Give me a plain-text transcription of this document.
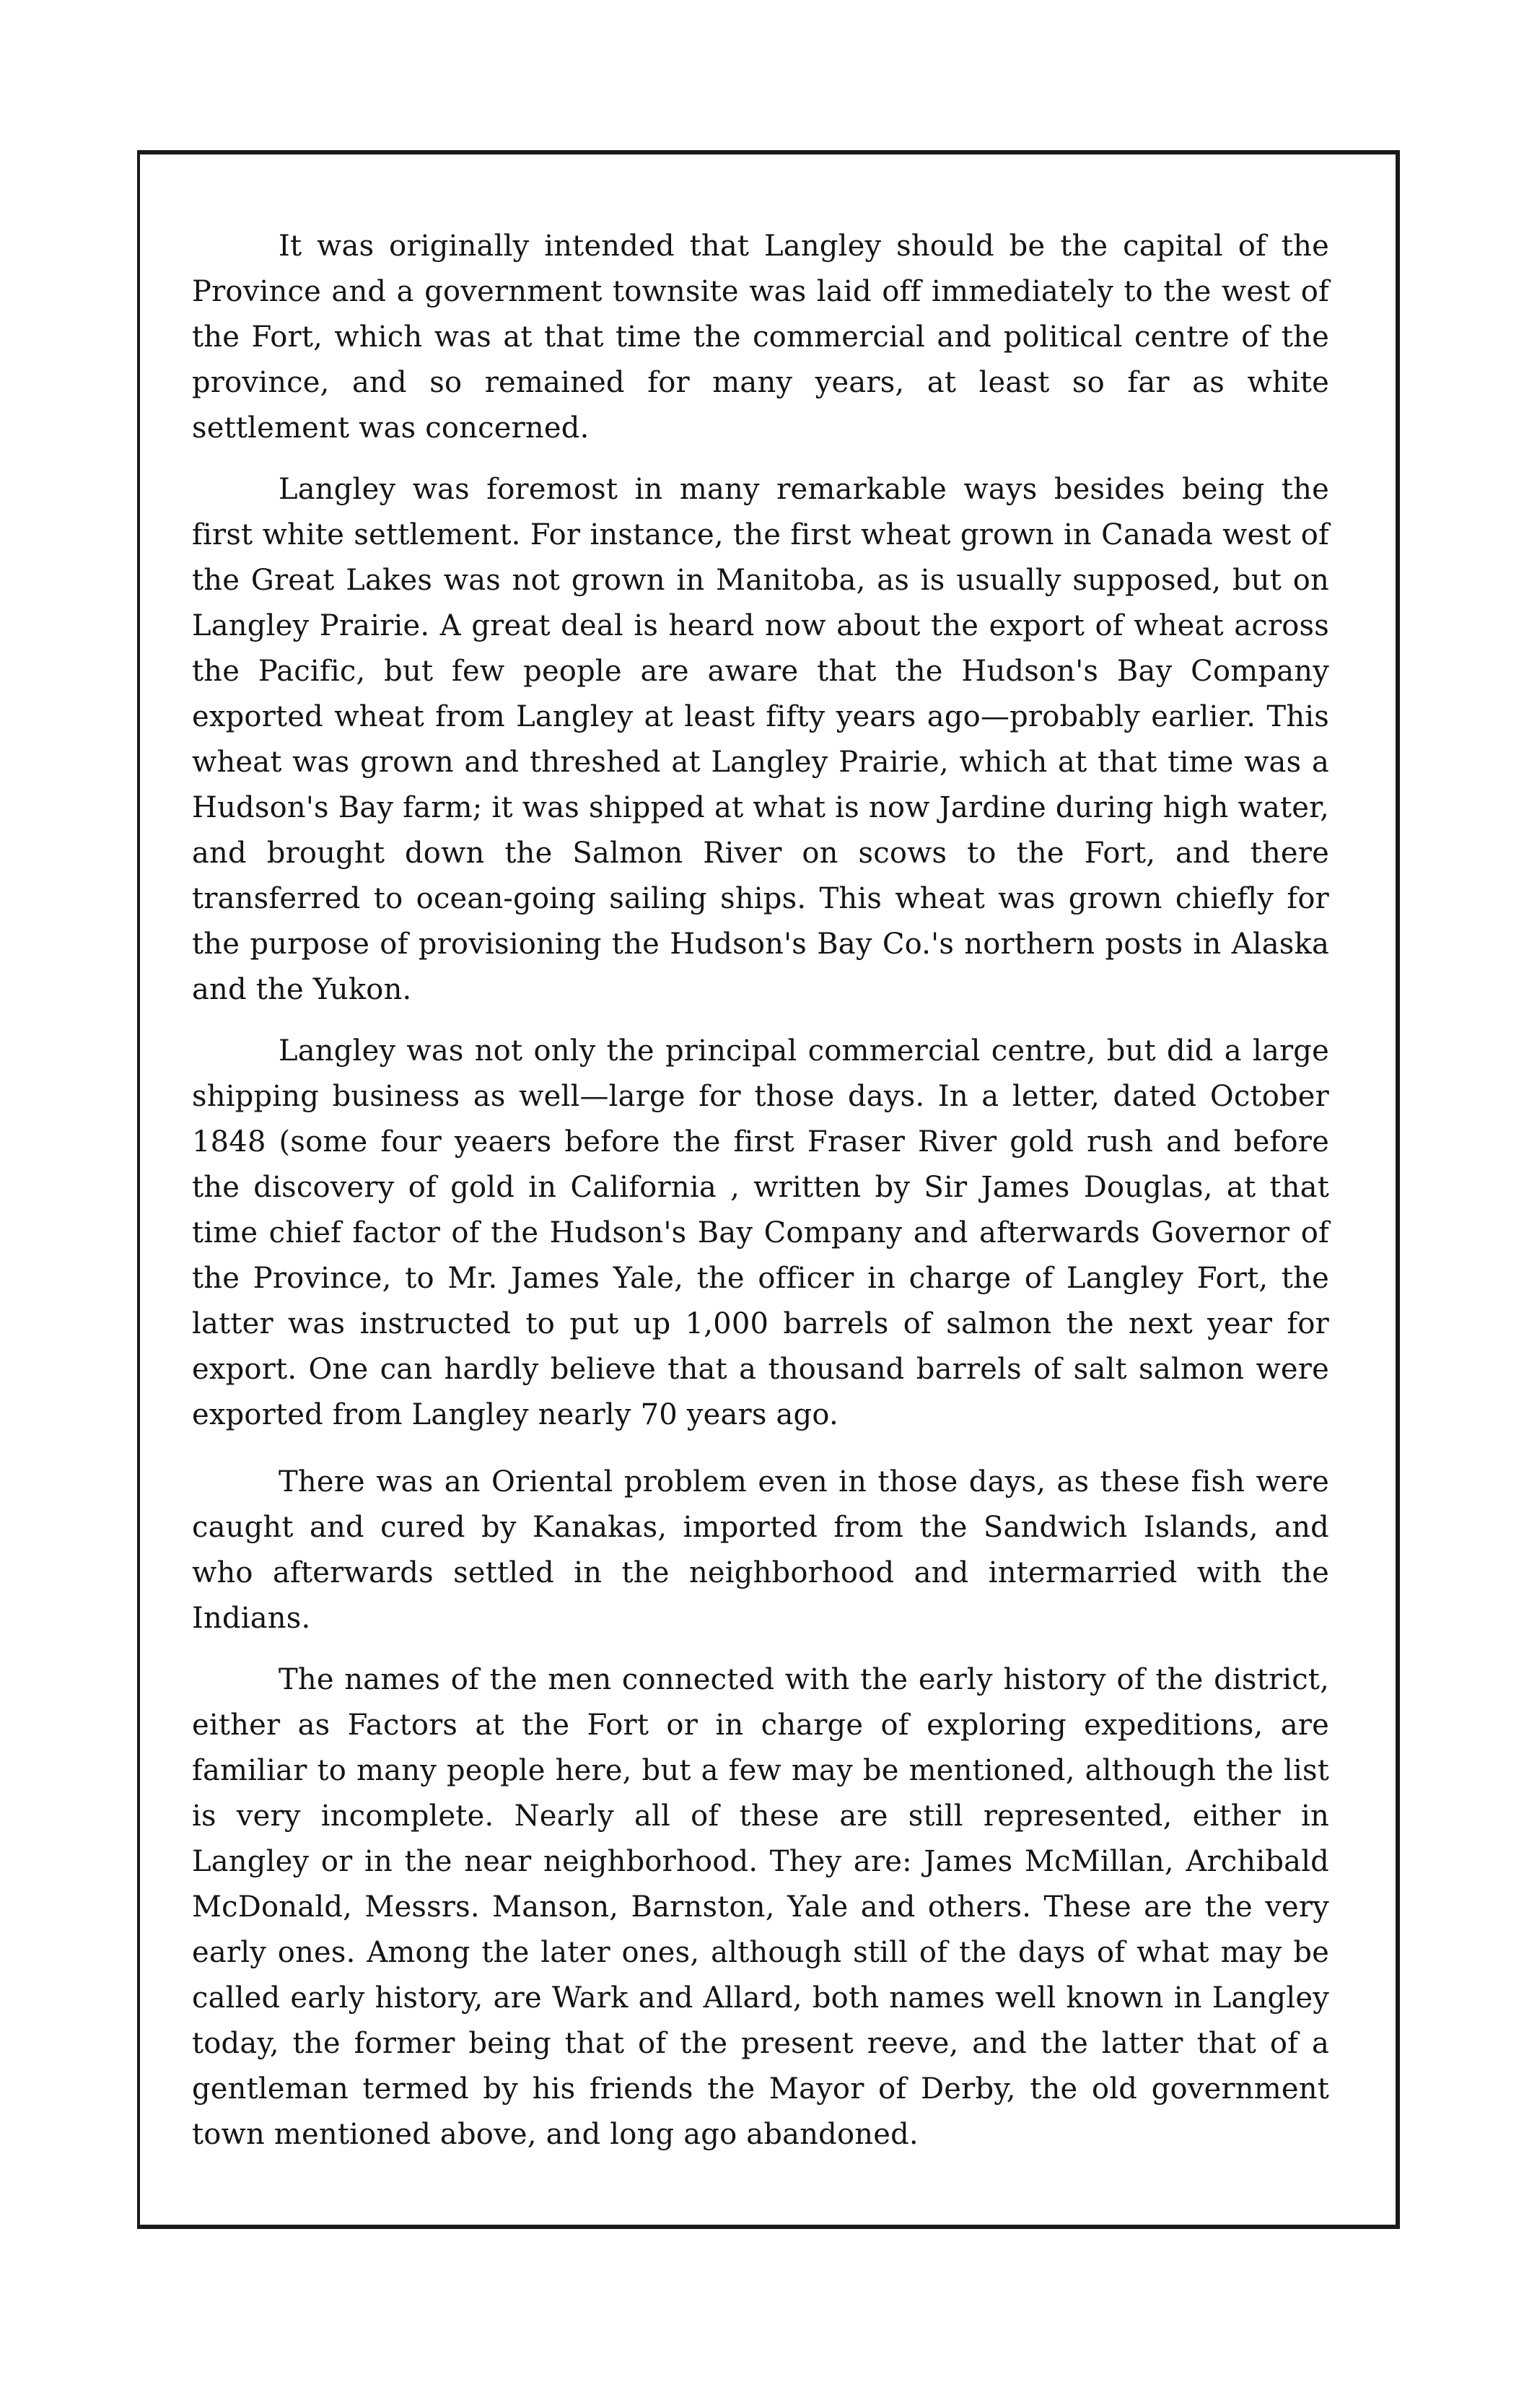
It was originally intended that Langley should be the capital of the Province and a government townsite was laid off immediately to the west of the Fort, which was at that time the commercial and political centre of the province, and so remained for many years, at least so far as white settlement was concerned.

Langley was foremost in many remarkable ways besides being the first white settlement. For instance, the first wheat grown in Canada west of the Great Lakes was not grown in Manitoba, as is usually supposed, but on Langley Prairie. A great deal is heard now about the export of wheat across the Pacific, but few people are aware that the Hudson's Bay Company exported wheat from Langley at least fifty years ago—probably earlier. This wheat was grown and threshed at Langley Prairie, which at that time was a Hudson's Bay farm; it was shipped at what is now Jardine during high water, and brought down the Salmon River on scows to the Fort, and there transferred to ocean-going sailing ships. This wheat was grown chiefly for the purpose of provisioning the Hudson's Bay Co.'s northern posts in Alaska and the Yukon.

Langley was not only the principal commercial centre, but did a large shipping business as well—large for those days. In a letter, dated October 1848 (some four yeaers before the first Fraser River gold rush and before the discovery of gold in California , written by Sir James Douglas, at that time chief factor of the Hudson's Bay Company and afterwards Governor of the Province, to Mr. James Yale, the officer in charge of Langley Fort, the latter was instructed to put up 1,000 barrels of salmon the next year for export. One can hardly believe that a thousand barrels of salt salmon were exported from Langley nearly 70 years ago.

There was an Oriental problem even in those days, as these fish were caught and cured by Kanakas, imported from the Sandwich Islands, and who afterwards settled in the neighborhood and intermarried with the Indians.

The names of the men connected with the early history of the district, either as Factors at the Fort or in charge of exploring expeditions, are familiar to many people here, but a few may be mentioned, although the list is very incomplete. Nearly all of these are still represented, either in Langley or in the near neighborhood. They are: James McMillan, Archibald McDonald, Messrs. Manson, Barnston, Yale and others. These are the very early ones. Among the later ones, although still of the days of what may be called early history, are Wark and Allard, both names well known in Langley today, the former being that of the present reeve, and the latter that of a gentleman termed by his friends the Mayor of Derby, the old government town mentioned above, and long ago abandoned.
